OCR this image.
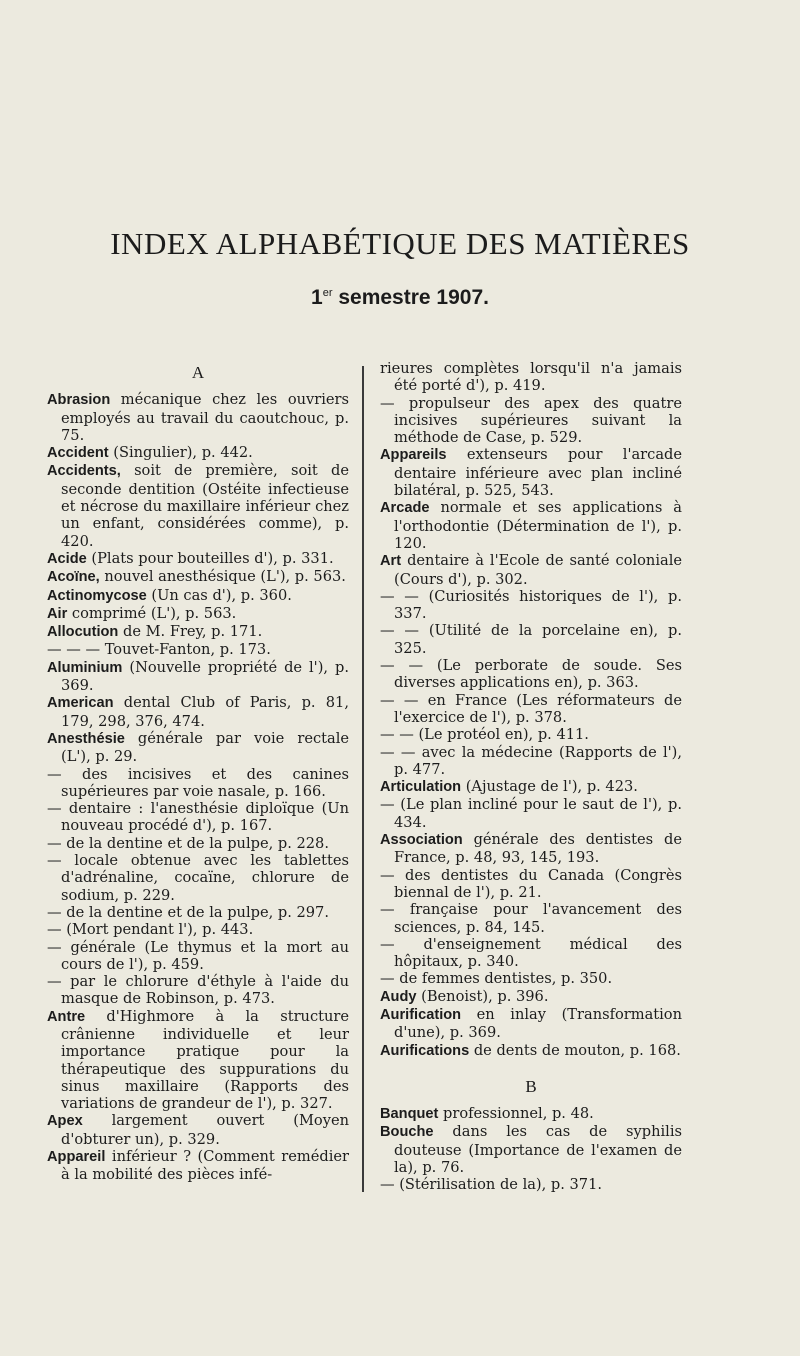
INDEX ALPHABÉTIQUE DES MATIÈRES
1er semestre 1907.
A

Abrasion mécanique chez les ouvriers employés au travail du caoutchouc, p. 75.

Accident (Singulier), p. 442.

Accidents, soit de première, soit de seconde dentition (Ostéite infectieuse et nécrose du maxillaire inférieur chez un enfant, considérées comme), p. 420.

Acide (Plats pour bouteilles d'), p. 331.

Acoïne, nouvel anesthésique (L'), p. 563.

Actinomycose (Un cas d'), p. 360.

Air comprimé (L'), p. 563.

Allocution de M. Frey, p. 171.

— — — Touvet-Fanton, p. 173.

Aluminium (Nouvelle propriété de l'), p. 369.

American dental Club of Paris, p. 81, 179, 298, 376, 474.

Anesthésie générale par voie rectale (L'), p. 29.

— des incisives et des canines supérieures par voie nasale, p. 166.

— dentaire : l'anesthésie diploïque (Un nouveau procédé d'), p. 167.

— de la dentine et de la pulpe, p. 228.

— locale obtenue avec les tablettes d'adrénaline, cocaïne, chlorure de sodium, p. 229.

— de la dentine et de la pulpe, p. 297.

— (Mort pendant l'), p. 443.

— générale (Le thymus et la mort au cours de l'), p. 459.

— par le chlorure d'éthyle à l'aide du masque de Robinson, p. 473.

Antre d'Highmore à la structure crânienne individuelle et leur importance pratique pour la thérapeutique des suppurations du sinus maxillaire (Rapports des variations de grandeur de l'), p. 327.

Apex largement ouvert (Moyen d'obturer un), p. 329.

Appareil inférieur ? (Comment remédier à la mobilité des pièces infé-

rieures complètes lorsqu'il n'a jamais été porté d'), p. 419.

— propulseur des apex des quatre incisives supérieures suivant la méthode de Case, p. 529.

Appareils extenseurs pour l'arcade dentaire inférieure avec plan incliné bilatéral, p. 525, 543.

Arcade normale et ses applications à l'orthodontie (Détermination de l'), p. 120.

Art dentaire à l'Ecole de santé coloniale (Cours d'), p. 302.

— — (Curiosités historiques de l'), p. 337.

— — (Utilité de la porcelaine en), p. 325.

— — (Le perborate de soude. Ses diverses applications en), p. 363.

— — en France (Les réformateurs de l'exercice de l'), p. 378.

— — (Le protéol en), p. 411.

— — avec la médecine (Rapports de l'), p. 477.

Articulation (Ajustage de l'), p. 423.

— (Le plan incliné pour le saut de l'), p. 434.

Association générale des dentistes de France, p. 48, 93, 145, 193.

— des dentistes du Canada (Congrès biennal de l'), p. 21.

— française pour l'avancement des sciences, p. 84, 145.

— d'enseignement médical des hôpitaux, p. 340.

— de femmes dentistes, p. 350.

Audy (Benoist), p. 396.

Aurification en inlay (Transformation d'une), p. 369.

Aurifications de dents de mouton, p. 168.

B

Banquet professionnel, p. 48.

Bouche dans les cas de syphilis douteuse (Importance de l'examen de la), p. 76.

— (Stérilisation de la), p. 371.
